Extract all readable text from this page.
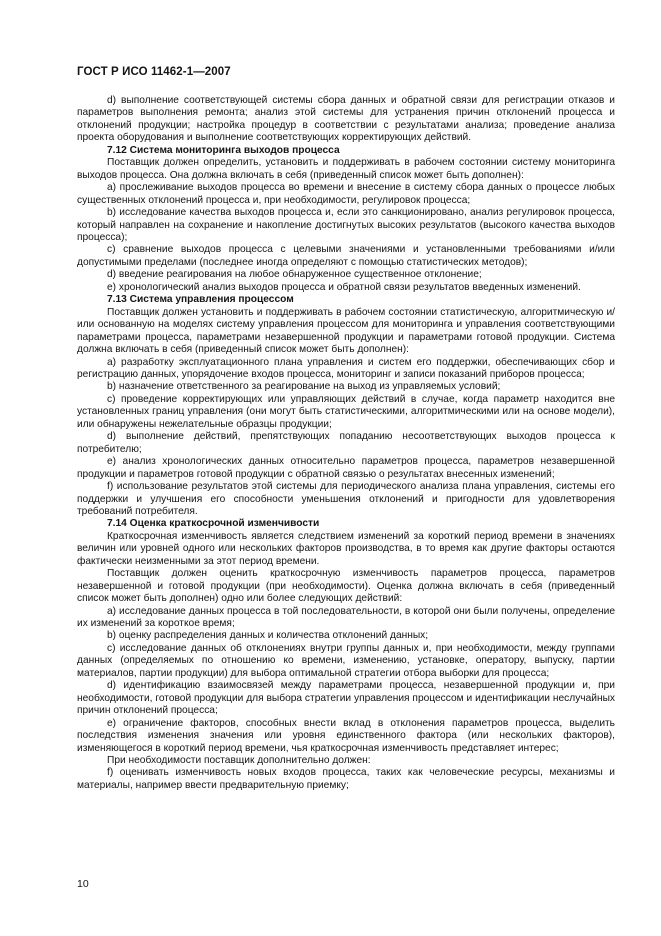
ГОСТ Р ИСО 11462-1—2007

d) выполнение соответствующей системы сбора данных и обратной связи для регистрации отказов и параметров выполнения ремонта; анализ этой системы для устранения причин отклонений процесса и отклонений продукции; настройка процедур в соответствии с результатами анализа; проведение анализа проекта оборудования и выполнение соответствующих корректирующих действий.

7.12 Система мониторинга выходов процесса

Поставщик должен определить, установить и поддерживать в рабочем состоянии систему мониторинга выходов процесса. Она должна включать в себя (приведенный список может быть дополнен):

а) прослеживание выходов процесса во времени и внесение в систему сбора данных о процессе любых существенных отклонений процесса и, при необходимости, регулировок процесса;

b) исследование качества выходов процесса и, если это санкционировано, анализ регулировок процесса, который направлен на сохранение и накопление достигнутых высоких результатов (высокого качества выходов процесса);

c) сравнение выходов процесса с целевыми значениями и установленными требованиями и/или допустимыми пределами (последнее иногда определяют с помощью статистических методов);

d) введение реагирования на любое обнаруженное существенное отклонение;

e) хронологический анализ выходов процесса и обратной связи результатов введенных изменений.

7.13 Система управления процессом

Поставщик должен установить и поддерживать в рабочем состоянии статистическую, алгоритмическую и/или основанную на моделях систему управления процессом для мониторинга и управления соответствующими параметрами процесса, параметрами незавершенной продукции и параметрами готовой продукции. Система должна включать в себя (приведенный список может быть дополнен):

а) разработку эксплуатационного плана управления и систем его поддержки, обеспечивающих сбор и регистрацию данных, упорядочение входов процесса, мониторинг и записи показаний приборов процесса;

b) назначение ответственного за реагирование на выход из управляемых условий;

c) проведение корректирующих или управляющих действий в случае, когда параметр находится вне установленных границ управления (они могут быть статистическими, алгоритмическими или на основе модели), или обнаружены нежелательные образцы продукции;

d) выполнение действий, препятствующих попаданию несоответствующих выходов процесса к потребителю;

e) анализ хронологических данных относительно параметров процесса, параметров незавершенной продукции и параметров готовой продукции с обратной связью о результатах внесенных изменений;

f) использование результатов этой системы для периодического анализа плана управления, системы его поддержки и улучшения его способности уменьшения отклонений и пригодности для удовлетворения требований потребителя.

7.14 Оценка краткосрочной изменчивости

Краткосрочная изменчивость является следствием изменений за короткий период времени в значениях величин или уровней одного или нескольких факторов производства, в то время как другие факторы остаются фактически неизменными за этот период времени.

Поставщик должен оценить краткосрочную изменчивость параметров процесса, параметров незавершенной и готовой продукции (при необходимости). Оценка должна включать в себя (приведенный список может быть дополнен) одно или более следующих действий:

а) исследование данных процесса в той последовательности, в которой они были получены, определение их изменений за короткое время;

b) оценку распределения данных и количества отклонений данных;

c) исследование данных об отклонениях внутри группы данных и, при необходимости, между группами данных (определяемых по отношению ко времени, изменению, установке, оператору, выпуску, партии материалов, партии продукции) для выбора оптимальной стратегии отбора выборки для процесса;

d) идентификацию взаимосвязей между параметрами процесса, незавершенной продукции и, при необходимости, готовой продукции для выбора стратегии управления процессом и идентификации неслучайных причин отклонений процесса;

e) ограничение факторов, способных внести вклад в отклонения параметров процесса, выделить последствия изменения значения или уровня единственного фактора (или нескольких факторов), изменяющегося в короткий период времени, чья краткосрочная изменчивость представляет интерес;

При необходимости поставщик дополнительно должен:

f) оценивать изменчивость новых входов процесса, таких как человеческие ресурсы, механизмы и материалы, например ввести предварительную приемку;

10
